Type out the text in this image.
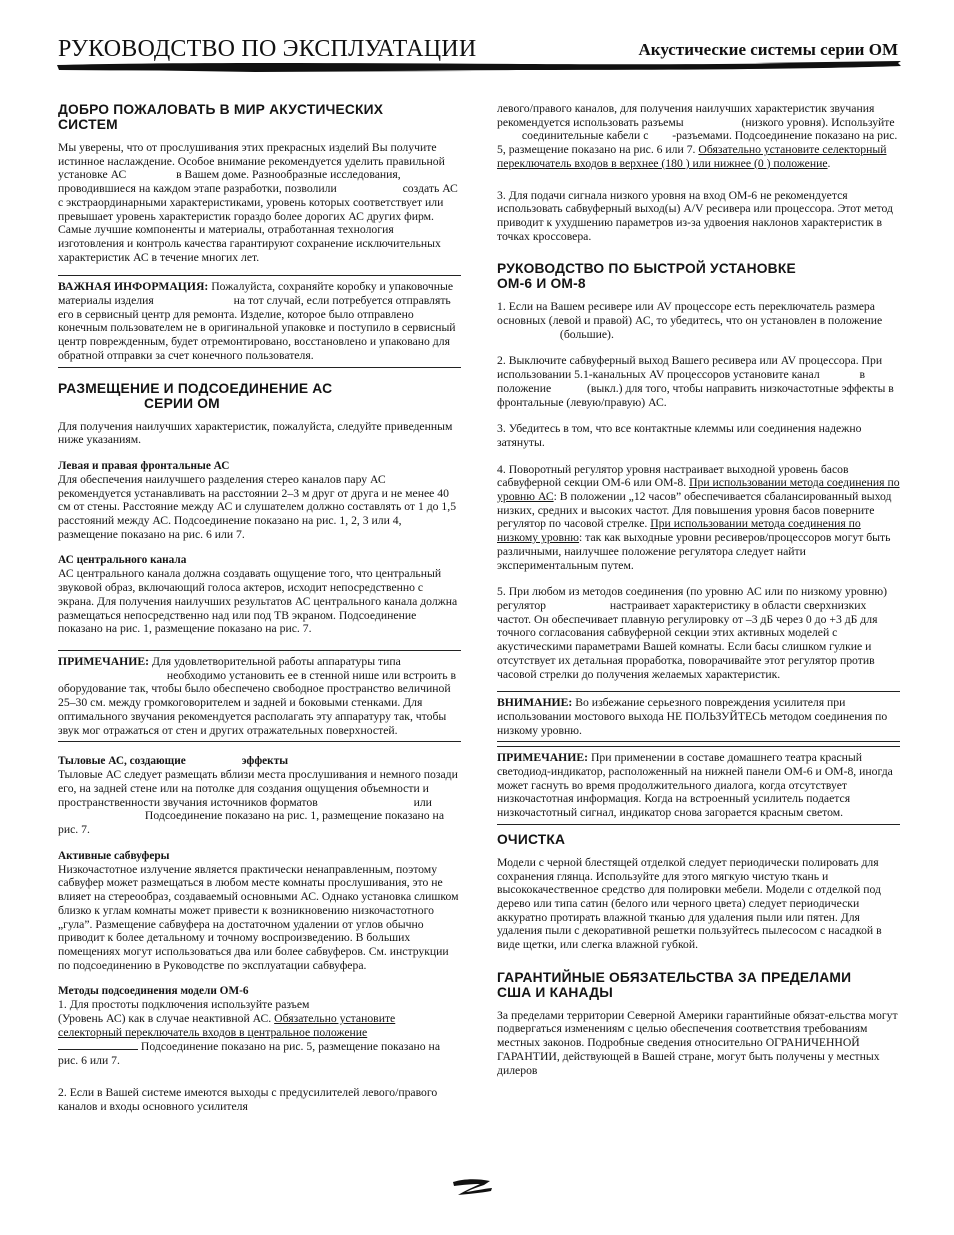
РУКОВОДСТВО ПО ЭКСПЛУАТАЦИИ	Акустические системы серии OM
ДОБРО ПОЖАЛОВАТЬ В МИР АКУСТИЧЕСКИХ
СИСТЕМ

Мы уверены, что от прослушивания этих прекрасных изделий Вы получите истинное наслаждение. Особое внимание рекомендуется уделить правильной установке АС	в Вашем доме. Разнообразные исследования, проводившиеся на каждом этапе разработки, позволили	создать АС с экстраординарными характеристиками, уровень которых соответствует или превышает уровень характеристик гораздо более дорогих АС других фирм. Самые лучшие компоненты и материалы, отработанная технология изготовления и контроль качества гарантируют сохранение исключительных характеристик АС в течение многих лет.

ВАЖНАЯ ИНФОРМАЦИЯ: Пожалуйста, сохраняйте коробку и упаковочные материалы изделия	на тот случай, если потребуется отправлять его в сервисный центр для ремонта. Изделие, которое было отправлено конечным пользователем не в оригинальной упаковке и поступило в сервисный центр поврежденным, будет отремонтировано, восстановлено и упаковано для обратной отправки за счет конечного пользователя.

РАЗМЕЩЕНИЕ И ПОДСОЕДИНЕНИЕ АС
СЕРИИ ОМ

Для получения наилучших характеристик, пожалуйста, следуйте приведенным ниже указаниям.

Левая и правая фронтальные АС

Для обеспечения наилучшего разделения стерео каналов пару АС рекомендуется устанавливать на расстоянии 2–3 м друг от друга и не менее 40 см от стены. Расстояние между АС и слушателем должно составлять от 1 до 1,5 расстояний между АС. Подсоединение показано на рис. 1, 2, 3 или 4, размещение показано на рис. 6 или 7.

АС центрального канала

АС центрального канала должна создавать ощущение того, что центральный звуковой образ, включающий голоса актеров, исходит непосредственно с экрана. Для получения наилучших результатов АС центрального канала должна размещаться непосредственно над или под ТВ экраном. Подсоединение показано на рис. 1, размещение показано на рис. 7.

ПРИМЕЧАНИЕ: Для удовлетворительной работы аппаратуры типа  необходимо установить ее в стенной нише или встроить в оборудование так, чтобы было обеспечено свободное пространство величиной 25–30 см. между громкоговорителем и задней и боковыми стенками. Для оптимального звучания рекомендуется располагать эту аппаратуру так, чтобы звук мог отражаться от стен и других отражательных поверхностей.

Тыловые АС, создающие	эффекты

Тыловые АС следует размещать вблизи места прослушивания и немного позади его, на задней стене или на потолке для создания ощущения объемности и пространственности звучания источников форматов	или  Подсоединение показано на рис. 1, размещение показано на рис. 7.

Активные сабвуферы

Низкочастотное излучение является практически ненаправленным, поэтому сабвуфер может размещаться в любом месте комнаты прослушивания, это не влияет на стереообраз, создаваемый основными АС. Однако установка слишком близко к углам комнаты может привести к возникновению низкочастотного „гула”. Размещение сабвуфера на достаточном удалении от углов обычно приводит к более детальному и точному воспроизведению. В больших помещениях могут использоваться два или более сабвуферов. См. инструкции по подсоединению в Руководстве по эксплуатации сабвуфера.

Методы подсоединения модели ОМ-6

1. Для простоты подключения используйте разъем
(Уровень АС) как в случае неактивной АС. Обязательно установите селекторный переключатель входов в центральное положение
Подсоединение показано на рис. 5, размещение показано на рис. 6 или 7.

2. Если в Вашей системе имеются выходы с предусилителей левого/правого каналов и входы основного усилителя

левого/правого каналов, для получения наилучших характеристик звучания рекомендуется использовать разъемы	(низкого уровня). Используйте  соединительные кабели с -разъемами. Подсоединение показано на рис. 5, размещение показано на рис. 6 или 7. Обязательно установите селекторный переключатель входов в верхнее (180 ) или нижнее (0 ) положение.

3. Для подачи сигнала низкого уровня на вход ОМ-6 не рекомендуется использовать сабвуферный выход(ы) A/V ресивера или процессора. Этот метод приводит к ухудшению параметров из-за удвоения наклонов характеристик в точках кроссовера.

РУКОВОДСТВО ПО БЫСТРОЙ УСТАНОВКЕ
ОМ-6 И ОМ-8

1. Если на Вашем ресивере или AV процессоре есть переключатель размера основных (левой и правой) АС, то убедитесь, что он установлен в положение  (большие).

2. Выключите сабвуферный выход Вашего ресивера или AV процессора. При использовании 5.1-канальных AV процессоров установите канал	в положение	(выкл.) для того, чтобы направить низкочастотные эффекты в фронтальные (левую/правую) АС.

3. Убедитесь в том, что все контактные клеммы или соединения надежно затянуты.

4. Поворотный регулятор уровня настраивает выходной уровень басов сабвуферной секции ОМ-6 или ОМ-8. При использовании метода соединения по уровню АС: В положении „12 часов” обеспечивается сбалансированный выход низких, средних и высоких частот. Для повышения уровня басов поверните регулятор по часовой стрелке. При использовании метода соединения по низкому уровню: так как выходные уровни ресиверов/процессоров могут быть различными, наилучшее положение регулятора следует найти экспериментальным путем.

5. При любом из методов соединения (по уровню АС или по низкому уровню) регулятор	настраивает характеристику в области сверхнизких частот. Он обеспечивает плавную регулировку от –3 дБ через 0 до +3 дБ для точного согласования сабвуферной секции этих активных моделей с акустическими параметрами Вашей комнаты. Если басы слишком гулкие и отсутствует их детальная проработка, поворачивайте этот регулятор против часовой стрелки до получения желаемых характеристик.

ВНИМАНИЕ: Во избежание серьезного повреждения усилителя при использовании мостового выхода НЕ ПОЛЬЗУЙТЕСЬ методом соединения по низкому уровню.

ПРИМЕЧАНИЕ: При применении в составе домашнего театра красный светодиод-индикатор, расположенный на нижней панели ОМ-6 и ОМ-8, иногда может гаснуть во время продолжительного диалога, когда отсутствует низкочастотная информация. Когда на встроенный усилитель подается низкочастотный сигнал, индикатор снова загорается красным светом.

ОЧИСТКА

Модели с черной блестящей отделкой следует периодически полировать для сохранения глянца. Используйте для этого мягкую чистую ткань и высококачественное средство для полировки мебели. Модели с отделкой под дерево или типа сатин (белого или черного цвета) следует периодически аккуратно протирать влажной тканью для удаления пыли или пятен. Для удаления пыли с декоративной решетки пользуйтесь пылесосом с насадкой в виде щетки, или слегка влажной губкой.

ГАРАНТИЙНЫЕ ОБЯЗАТЕЛЬСТВА ЗА ПРЕДЕЛАМИ
США И КАНАДЫ

За пределами территории Северной Америки гарантийные обязат-ельства могут подвергаться изменениям с целью обеспечения соответствия требованиям местных законов. Подробные сведения относительно ОГРАНИЧЕННОЙ ГАРАНТИИ, действующей в Вашей стране, могут быть получены у местных дилеров
